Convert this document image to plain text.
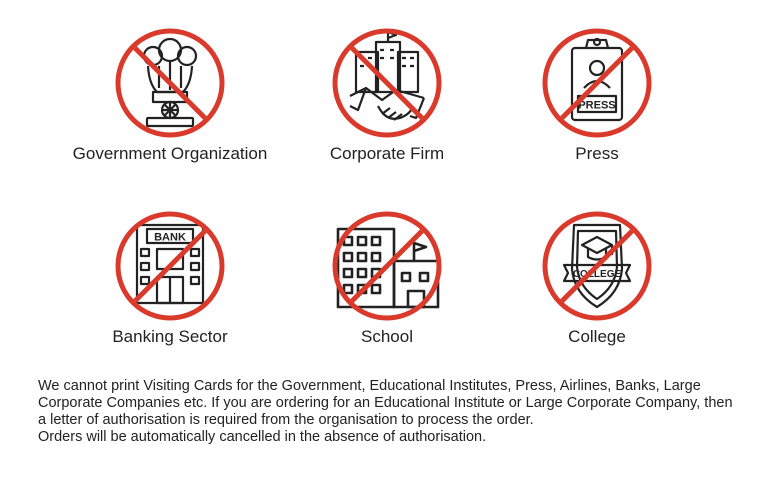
Government Organization	Corporate Firm
PRESS
Press
BANK
Banking Sector	School
COLLEGE
College

We cannot print Visiting Cards for the Government, Educational Institutes, Press, Airlines, Banks, Large Corporate Companies etc. If you are ordering for an Educational Institute or Large Corporate Company, then a letter of authorisation is required from the organisation to process the order.

Orders will be automatically cancelled in the absence of authorisation.
